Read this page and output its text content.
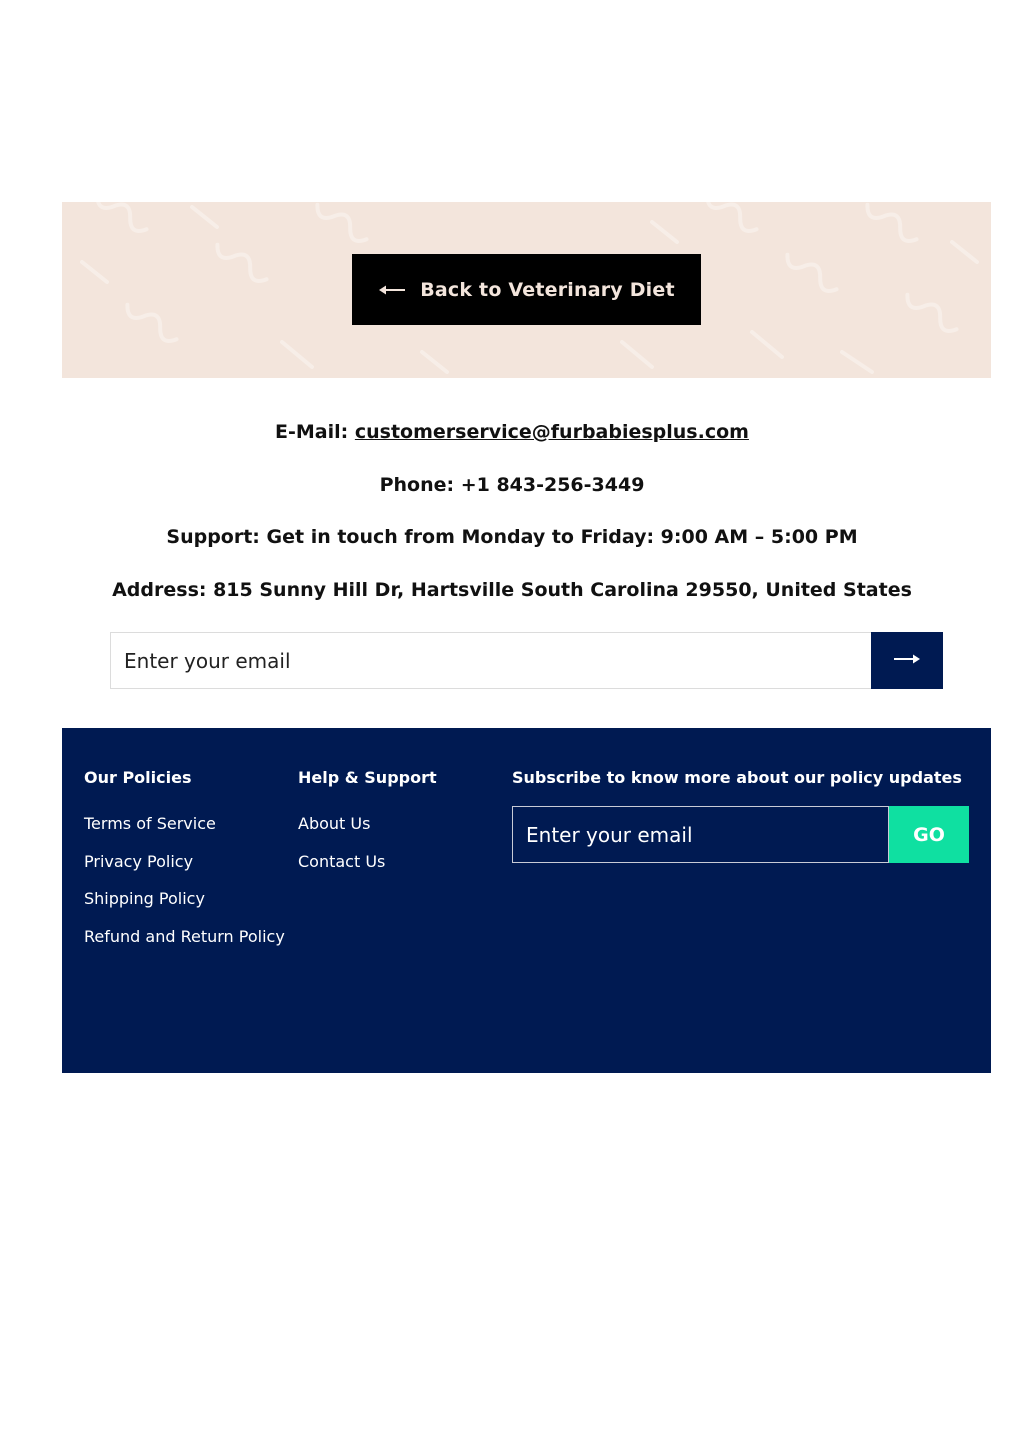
Back to Veterinary Diet
E-Mail: customerservice@furbabiesplus.com
Phone: +1 843-256-3449
Support: Get in touch from Monday to Friday: 9:00 AM – 5:00 PM
Address: 815 Sunny Hill Dr, Hartsville South Carolina 29550, United States
Enter your email
Our Policies
Terms of Service
Privacy Policy
Shipping Policy
Refund and Return Policy
Help & Support
About Us
Contact Us
Subscribe to know more about our policy updates
Enter your email
GO
